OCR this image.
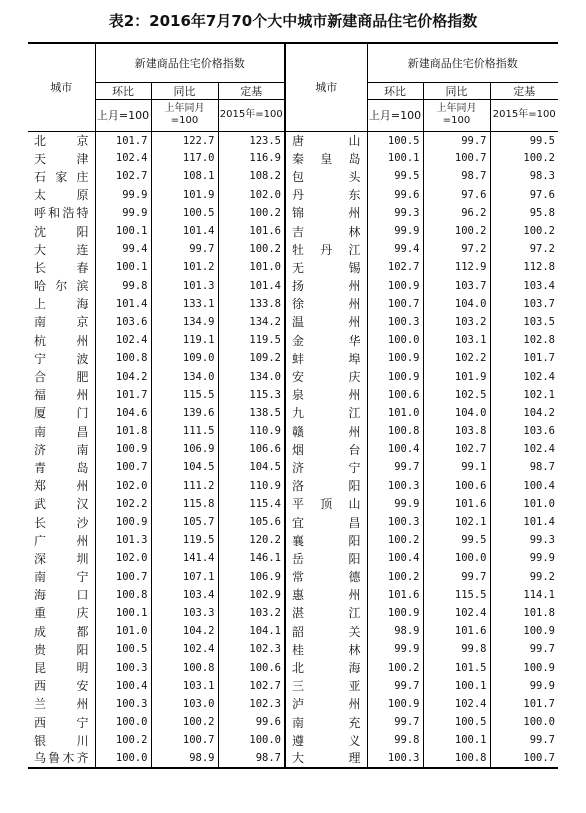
表2：2016年7月70个大中城市新建商品住宅价格指数
城市	新建商品住宅价格指数			城市	新建商品住宅价格指数		
	环比	同比	定基		环比	同比	定基
	上月=100	上年同月=100	2015年=100		上月=100	上年同月=100	2015年=100
北京	101.7	122.7	123.5	唐山	100.5	99.7	99.5
天津	102.4	117.0	116.9	秦皇岛	100.1	100.7	100.2
石家庄	102.7	108.1	108.2	包头	99.5	98.7	98.3
太原	99.9	101.9	102.0	丹东	99.6	97.6	97.6
呼和浩特	99.9	100.5	100.2	锦州	99.3	96.2	95.8
沈阳	100.1	101.4	101.6	吉林	99.9	100.2	100.2
大连	99.4	99.7	100.2	牡丹江	99.4	97.2	97.2
长春	100.1	101.2	101.0	无锡	102.7	112.9	112.8
哈尔滨	99.8	101.3	101.4	扬州	100.9	103.7	103.4
上海	101.4	133.1	133.8	徐州	100.7	104.0	103.7
南京	103.6	134.9	134.2	温州	100.3	103.2	103.5
杭州	102.4	119.1	119.5	金华	100.0	103.1	102.8
宁波	100.8	109.0	109.2	蚌埠	100.9	102.2	101.7
合肥	104.2	134.0	134.0	安庆	100.9	101.9	102.4
福州	101.7	115.5	115.3	泉州	100.6	102.5	102.1
厦门	104.6	139.6	138.5	九江	101.0	104.0	104.2
南昌	101.8	111.5	110.9	赣州	100.8	103.8	103.6
济南	100.9	106.9	106.6	烟台	100.4	102.7	102.4
青岛	100.7	104.5	104.5	济宁	99.7	99.1	98.7
郑州	102.0	111.2	110.9	洛阳	100.3	100.6	100.4
武汉	102.2	115.8	115.4	平顶山	99.9	101.6	101.0
长沙	100.9	105.7	105.6	宜昌	100.3	102.1	101.4
广州	101.3	119.5	120.2	襄阳	100.2	99.5	99.3
深圳	102.0	141.4	146.1	岳阳	100.4	100.0	99.9
南宁	100.7	107.1	106.9	常德	100.2	99.7	99.2
海口	100.8	103.4	102.9	惠州	101.6	115.5	114.1
重庆	100.1	103.3	103.2	湛江	100.9	102.4	101.8
成都	101.0	104.2	104.1	韶关	98.9	101.6	100.9
贵阳	100.5	102.4	102.3	桂林	99.9	99.8	99.7
昆明	100.3	100.8	100.6	北海	100.2	101.5	100.9
西安	100.4	103.1	102.7	三亚	99.7	100.1	99.9
兰州	100.3	103.0	102.3	泸州	100.9	102.4	101.7
西宁	100.0	100.2	99.6	南充	99.7	100.5	100.0
银川	100.2	100.7	100.0	遵义	99.8	100.1	99.7
乌鲁木齐	100.0	98.9	98.7	大理	100.3	100.8	100.7
